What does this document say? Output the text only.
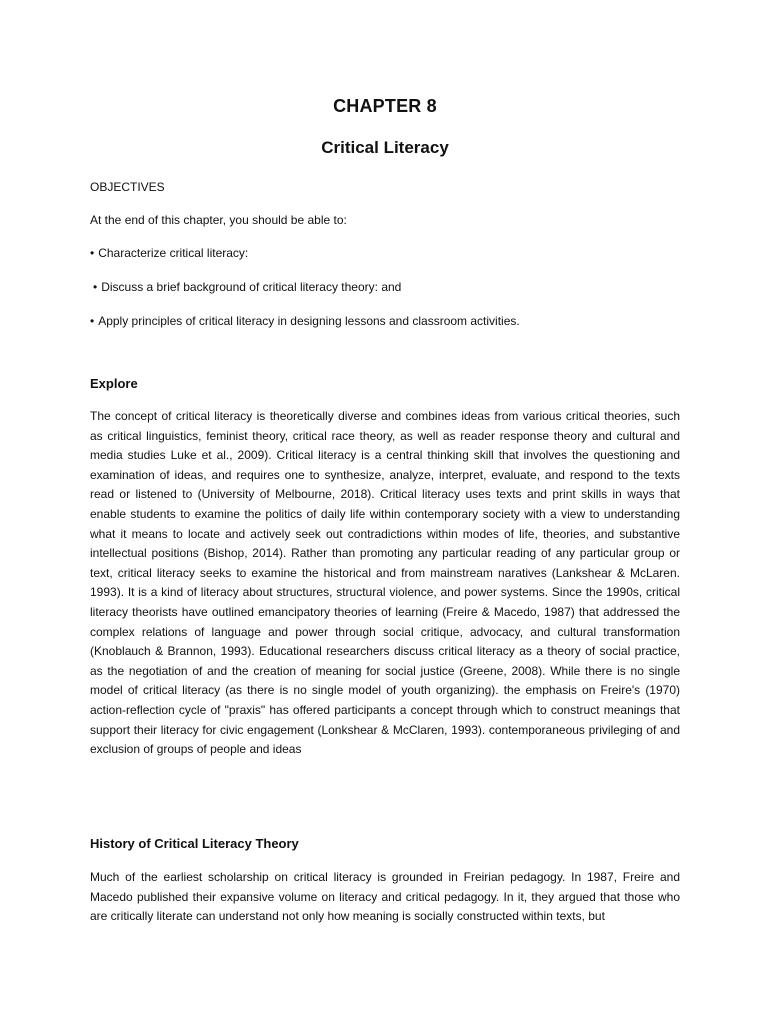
CHAPTER 8
Critical Literacy
OBJECTIVES
At the end of this chapter, you should be able to:
• Characterize critical literacy:
• Discuss a brief background of critical literacy theory: and
• Apply principles of critical literacy in designing lessons and classroom activities.
Explore

The concept of critical literacy is theoretically diverse and combines ideas from various critical theories, such as critical linguistics, feminist theory, critical race theory, as well as reader response theory and cultural and media studies Luke et al., 2009). Critical literacy is a central thinking skill that involves the questioning and examination of ideas, and requires one to synthesize, analyze, interpret, evaluate, and respond to the texts read or listened to (University of Melbourne, 2018). Critical literacy uses texts and print skills in ways that enable students to examine the politics of daily life within contemporary society with a view to understanding what it means to locate and actively seek out contradictions within modes of life, theories, and substantive intellectual positions (Bishop, 2014). Rather than promoting any particular reading of any particular group or text, critical literacy seeks to examine the historical and from mainstream naratives (Lankshear & McLaren. 1993). It is a kind of literacy about structures, structural violence, and power systems. Since the 1990s, critical literacy theorists have outlined emancipatory theories of learning (Freire & Macedo, 1987) that addressed the complex relations of language and power through social critique, advocacy, and cultural transformation (Knoblauch & Brannon, 1993). Educational researchers discuss critical literacy as a theory of social practice, as the negotiation of and the creation of meaning for social justice (Greene, 2008). While there is no single model of critical literacy (as there is no single model of youth organizing). the emphasis on Freire's (1970) action-reflection cycle of "praxis" has offered participants a concept through which to construct meanings that support their literacy for civic engagement (Lonkshear & McClaren, 1993). contemporaneous privileging of and exclusion of groups of people and ideas

History of Critical Literacy Theory

Much of the earliest scholarship on critical literacy is grounded in Freirian pedagogy. In 1987, Freire and Macedo published their expansive volume on literacy and critical pedagogy. In it, they argued that those who are critically literate can understand not only how meaning is socially constructed within texts, but
